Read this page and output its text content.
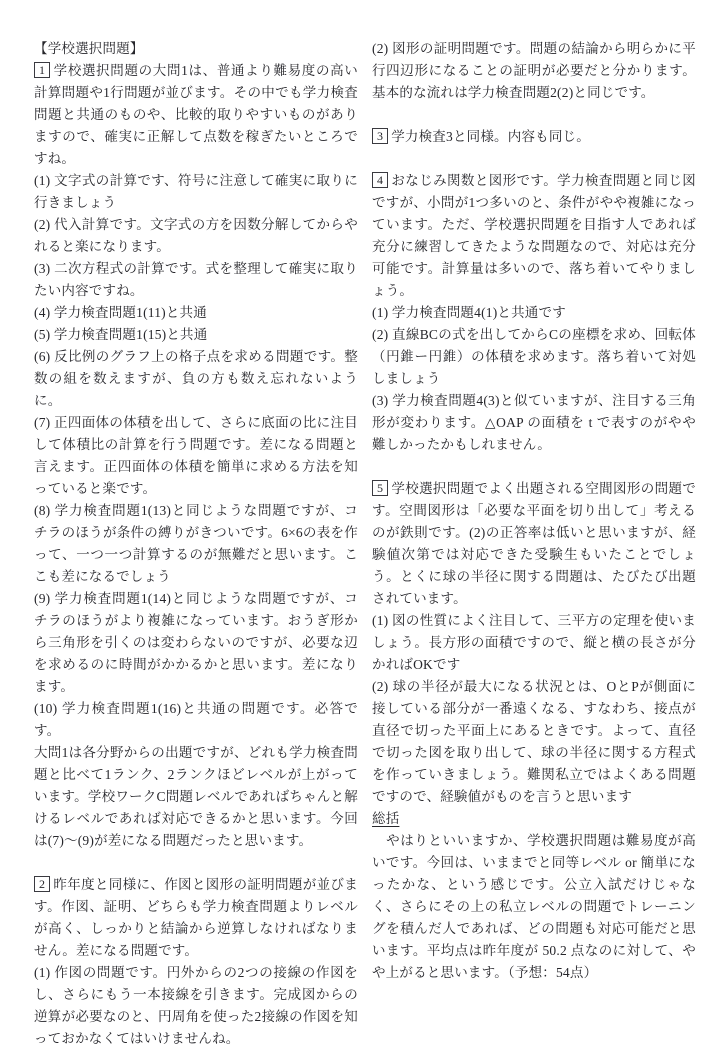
【学校選択問題】

1 学校選択問題の大問1は、普通より難易度の高い計算問題や1行問題が並びます。その中でも学力検査問題と共通のものや、比較的取りやすいものがありますので、確実に正解して点数を稼ぎたいところですね。

(1) 文字式の計算です、符号に注意して確実に取りに行きましょう

(2) 代入計算です。文字式の方を因数分解してからやれると楽になります。

(3) 二次方程式の計算です。式を整理して確実に取りたい内容ですね。

(4) 学力検査問題1(11)と共通

(5) 学力検査問題1(15)と共通

(6) 反比例のグラフ上の格子点を求める問題です。整数の組を数えますが、負の方も数え忘れないように。

(7) 正四面体の体積を出して、さらに底面の比に注目して体積比の計算を行う問題です。差になる問題と言えます。正四面体の体積を簡単に求める方法を知っていると楽です。

(8) 学力検査問題1(13)と同じような問題ですが、コチラのほうが条件の縛りがきついです。6×6の表を作って、一つ一つ計算するのが無難だと思います。ここも差になるでしょう

(9) 学力検査問題1(14)と同じような問題ですが、コチラのほうがより複雑になっています。おうぎ形から三角形を引くのは変わらないのですが、必要な辺を求めるのに時間がかかるかと思います。差になります。

(10) 学力検査問題1(16)と共通の問題です。必答です。

大問1は各分野からの出題ですが、どれも学力検査問題と比べて1ランク、2ランクほどレベルが上がっています。学校ワークC問題レベルであればちゃんと解けるレベルであれば対応できるかと思います。今回は(7)～(9)が差になる問題だったと思います。

2 昨年度と同様に、作図と図形の証明問題が並びます。作図、証明、どちらも学力検査問題よりレベルが高く、しっかりと結論から逆算しなければなりません。差になる問題です。

(1) 作図の問題です。円外からの2つの接線の作図をし、さらにもう一本接線を引きます。完成図からの逆算が必要なのと、円周角を使った2接線の作図を知っておかなくてはいけませんね。

(2) 図形の証明問題です。問題の結論から明らかに平行四辺形になることの証明が必要だと分かります。基本的な流れは学力検査問題2(2)と同じです。

3 学力検査3と同様。内容も同じ。

4 おなじみ関数と図形です。学力検査問題と同じ図ですが、小問が1つ多いのと、条件がやや複雑になっています。ただ、学校選択問題を目指す人であれば充分に練習してきたような問題なので、対応は充分可能です。計算量は多いので、落ち着いてやりましょう。

(1) 学力検査問題4(1)と共通です

(2) 直線BCの式を出してからCの座標を求め、回転体（円錐ー円錐）の体積を求めます。落ち着いて対処しましょう

(3) 学力検査問題4(3)と似ていますが、注目する三角形が変わります。△OAP の面積を t で表すのがやや難しかったかもしれません。

5 学校選択問題でよく出題される空間図形の問題です。空間図形は「必要な平面を切り出して」考えるのが鉄則です。(2)の正答率は低いと思いますが、経験値次第では対応できた受験生もいたことでしょう。とくに球の半径に関する問題は、たびたび出題されています。

(1) 図の性質によく注目して、三平方の定理を使いましょう。長方形の面積ですので、縦と横の長さが分かればOKです

(2) 球の半径が最大になる状況とは、OとPが側面に接している部分が一番遠くなる、すなわち、接点が直径で切った平面上にあるときです。よって、直径で切った図を取り出して、球の半径に関する方程式を作っていきましょう。難関私立ではよくある問題ですので、経験値がものを言うと思います

総括

　やはりといいますか、学校選択問題は難易度が高いです。今回は、いままでと同等レベル or 簡単になったかな、という感じです。公立入試だけじゃなく、さらにその上の私立レベルの問題でトレーニングを積んだ人であれば、どの問題も対応可能だと思います。平均点は昨年度が 50.2 点なのに対して、やや上がると思います。（予想：54点）
